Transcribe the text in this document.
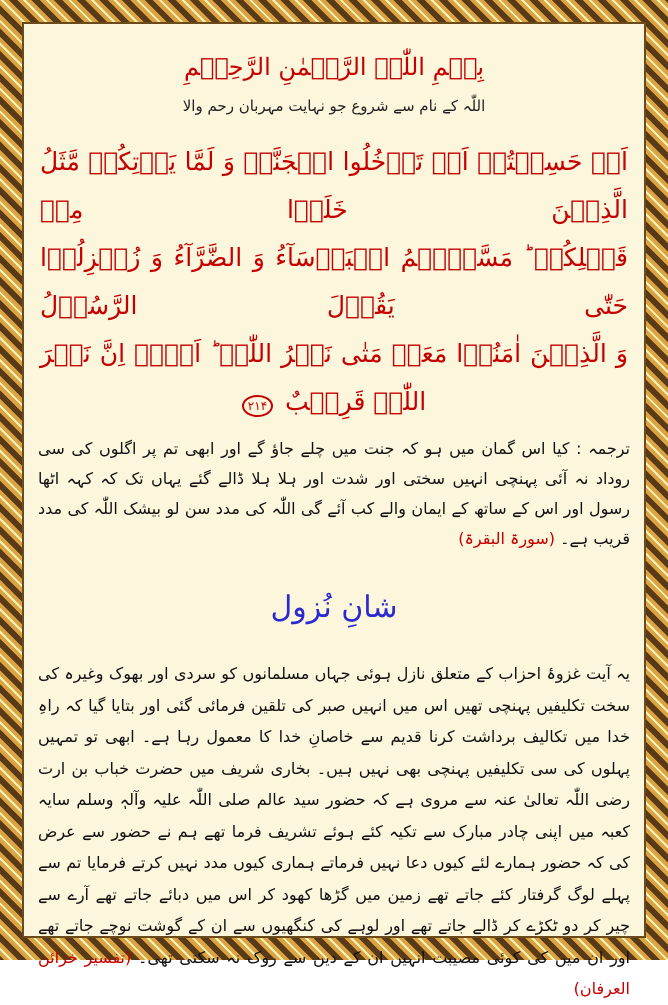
بِسۡمِ اللّٰہِ الرَّحۡمٰنِ الرَّحِیۡمِ
اللّٰہ کے نام سے شروع جو نہایت مہربان رحم والا
اَمۡ حَسِبۡتُمۡ اَنۡ تَدۡخُلُوا الۡجَنَّۃَ وَ لَمَّا یَاۡتِکُمۡ مَّثَلُ الَّذِیۡنَ خَلَوۡا مِنۡ
قَبۡلِکُمۡ ؕ مَسَّتۡہُمُ الۡبَاۡسَآءُ وَ الضَّرَّآءُ وَ زُلۡزِلُوۡا حَتّٰی یَقُوۡلَ الرَّسُوۡلُ
وَ الَّذِیۡنَ اٰمَنُوۡا مَعَہٗ مَتٰی نَصۡرُ اللّٰہِ ؕ اَلَاۤ اِنَّ نَصۡرَ اللّٰہِ قَرِیۡبٌ ۲۱۴
ترجمہ : کیا اس گمان میں ہو کہ جنت میں چلے جاؤ گے اور ابھی تم پر اگلوں کی سی روداد نہ آئی پہنچی انہیں سختی اور شدت اور ہلا ہلا ڈالے گئے یہاں تک کہ کہہ اٹھا رسول اور اس کے ساتھ کے ایمان والے کب آئے گی اللّٰہ کی مدد سن لو بیشک اللّٰہ کی مدد قریب ہے۔ (سورۃ البقرۃ)
شانِ نُزول
یہ آیت غزوۂ احزاب کے متعلق نازل ہوئی جہاں مسلمانوں کو سردی اور بھوک وغیرہ کی سخت تکلیفیں پہنچی تھیں اس میں انہیں صبر کی تلقین فرمائی گئی اور بتایا گیا کہ راہِ خدا میں تکالیف برداشت کرنا قدیم سے خاصانِ خدا کا معمول رہا ہے۔ ابھی تو تمہیں پہلوں کی سی تکلیفیں پہنچی بھی نہیں ہیں۔ بخاری شریف میں حضرت خباب بن ارت رضی اللّٰہ تعالیٰ عنہ سے مروی ہے کہ حضور سید عالم صلی اللّٰہ علیہ وآلہٖ وسلم سایہ کعبہ میں اپنی چادر مبارک سے تکیہ کئے ہوئے تشریف فرما تھے ہم نے حضور سے عرض کی کہ حضور ہمارے لئے کیوں دعا نہیں فرماتے ہماری کیوں مدد نہیں کرتے فرمایا تم سے پہلے لوگ گرفتار کئے جاتے تھے زمین میں گڑھا کھود کر اس میں دبائے جاتے تھے آرے سے چیر کر دو ٹکڑے کر ڈالے جاتے تھے اور لوہے کی کنگھیوں سے ان کے گوشت نوچے جاتے تھے اور ان میں کی کوئی مصیبت انہیں ان کے دین سے روک نہ سکتی تھی۔ (تفسیر خزائن العرفان)
